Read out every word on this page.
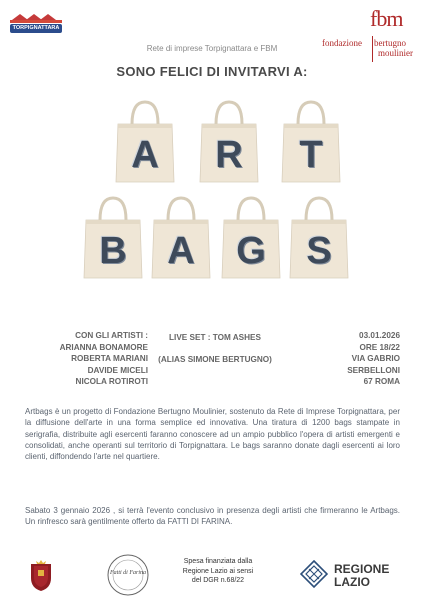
TORPIGNATTARA
Rete di imprese Torpignattara e FBM
fbm
fondazione bertugno
moulinier
SONO FELICI DI INVITARVI A:
A	R	T
B	A	G	S
CON GLI ARTISTI :
ARIANNA BONAMORE
ROBERTA MARIANI
DAVIDE MICELI
NICOLA ROTIROTI
LIVE SET : TOM ASHES
(ALIAS SIMONE BERTUGNO)
03.01.2026
ORE 18/22
VIA GABRIO
SERBELLONI
67 ROMA
Artbags è un progetto di Fondazione Bertugno Moulinier, sostenuto da Rete di Imprese Torpignattara, per la diffusione dell'arte in una forma semplice ed innovativa. Una tiratura di 1200 bags stampate in serigrafia, distribuite agli esercenti faranno conoscere ad un ampio pubblico l'opera di artisti emergenti e consolidati, anche operanti sul territorio di Torpignattara. Le bags saranno donate dagli esercenti ai loro clienti, diffondendo l'arte nel quartiere.
Sabato 3 gennaio 2026 , si terrà l'evento conclusivo in presenza degli artisti che firmeranno le Artbags. Un rinfresco sarà gentilmente offerto da FATTI DI FARINA.
Fatti di Farina
Spesa finanziata dalla
Regione Lazio ai sensi
del DGR n.68/22
REGIONE
LAZIO
